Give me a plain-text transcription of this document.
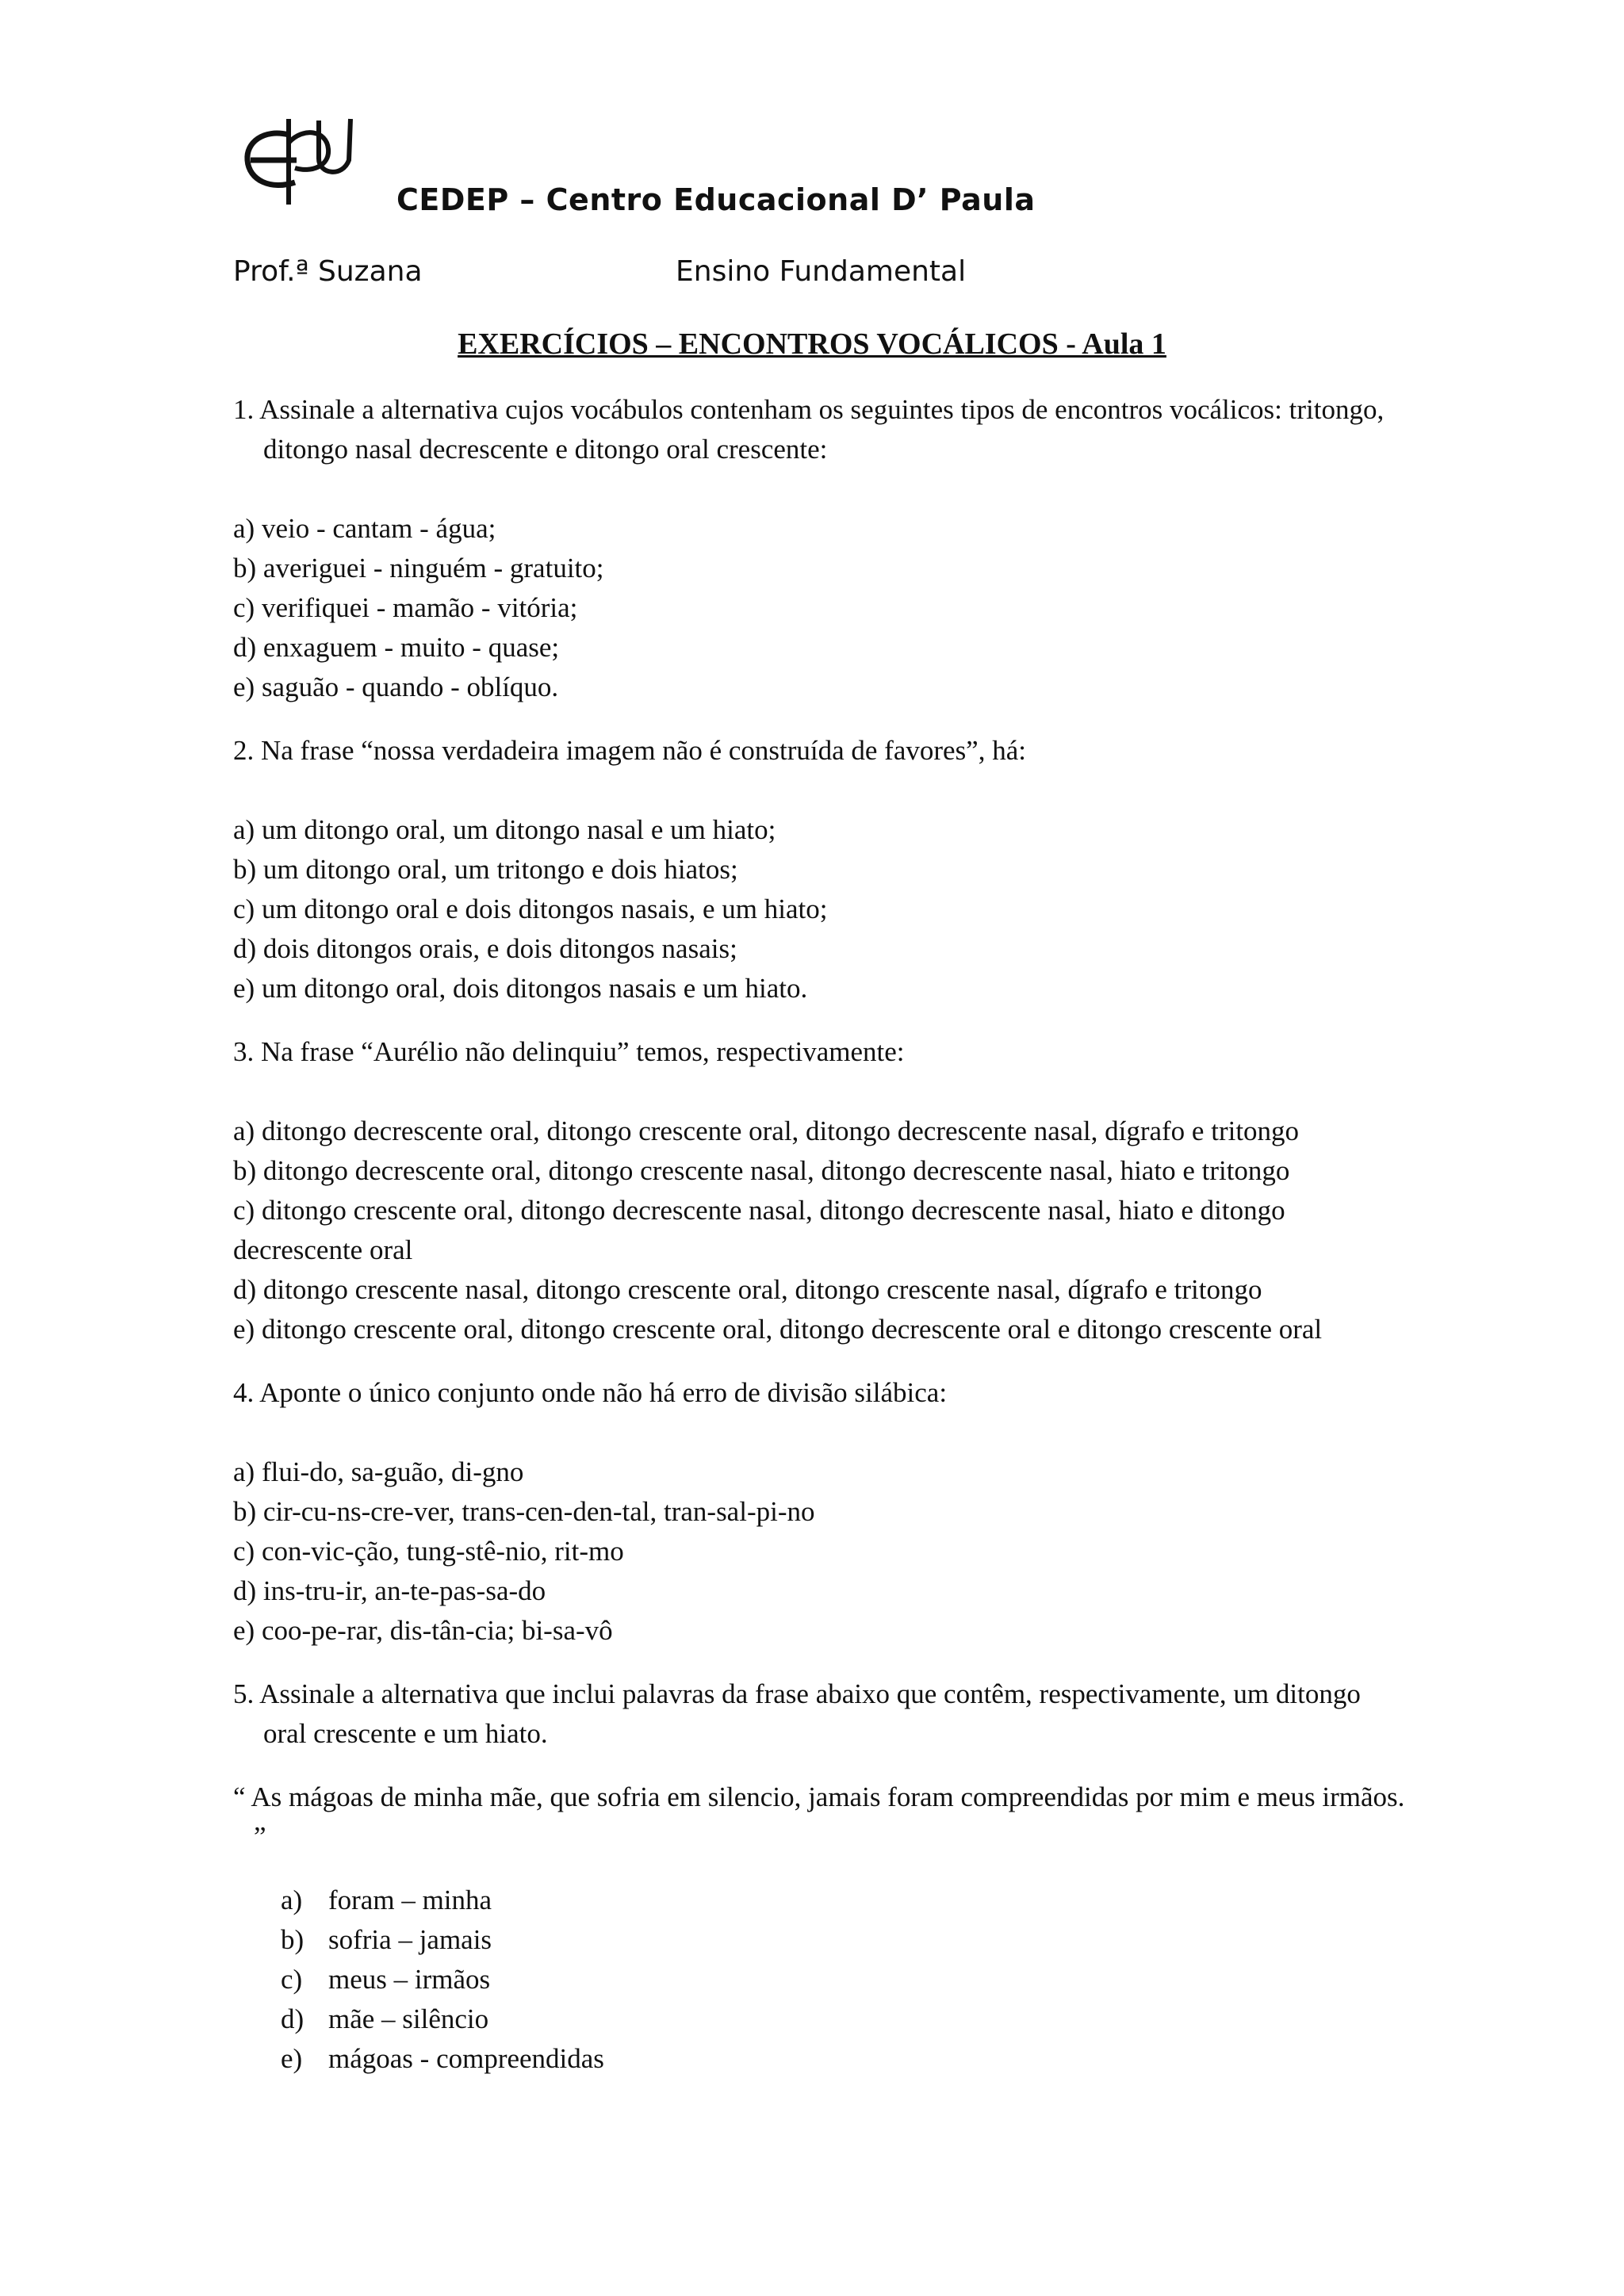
CEDEP – Centro Educacional D’ Paula
Prof.ª Suzana	Ensino Fundamental
EXERCÍCIOS – ENCONTROS VOCÁLICOS - Aula 1
1. Assinale a alternativa cujos vocábulos contenham os seguintes tipos de encontros vocálicos: tritongo, ditongo nasal decrescente e ditongo oral crescente:
a) veio - cantam - água;
b) averiguei - ninguém - gratuito;
c) verifiquei - mamão - vitória;
d) enxaguem - muito - quase;
e) saguão - quando - oblíquo.
2. Na frase “nossa verdadeira imagem não é construída de favores”, há:
a) um ditongo oral, um ditongo nasal e um hiato;
b) um ditongo oral, um tritongo e dois hiatos;
c) um ditongo oral e dois ditongos nasais, e um hiato;
d) dois ditongos orais, e dois ditongos nasais;
e) um ditongo oral, dois ditongos nasais e um hiato.
3. Na frase “Aurélio não delinquiu” temos, respectivamente:
a) ditongo decrescente oral, ditongo crescente oral, ditongo decrescente nasal, dígrafo e tritongo
b) ditongo decrescente oral, ditongo crescente nasal, ditongo decrescente nasal, hiato e tritongo
c) ditongo crescente oral, ditongo decrescente nasal, ditongo decrescente nasal, hiato e ditongo decrescente oral
d) ditongo crescente nasal, ditongo crescente oral, ditongo crescente nasal, dígrafo e tritongo
e) ditongo crescente oral, ditongo crescente oral, ditongo decrescente oral e ditongo crescente oral
4. Aponte o único conjunto onde não há erro de divisão silábica:
a) flui-do, sa-guão, di-gno
b) cir-cu-ns-cre-ver, trans-cen-den-tal, tran-sal-pi-no
c) con-vic-ção, tung-stê-nio, rit-mo
d) ins-tru-ir, an-te-pas-sa-do
e) coo-pe-rar, dis-tân-cia; bi-sa-vô
5. Assinale a alternativa que inclui palavras da frase abaixo que contêm, respectivamente, um ditongo oral crescente e um hiato.
“ As mágoas de minha mãe, que sofria em silencio, jamais foram compreendidas por mim e meus irmãos. ”
a) foram – minha
b) sofria – jamais
c) meus – irmãos
d) mãe – silêncio
e) mágoas - compreendidas
